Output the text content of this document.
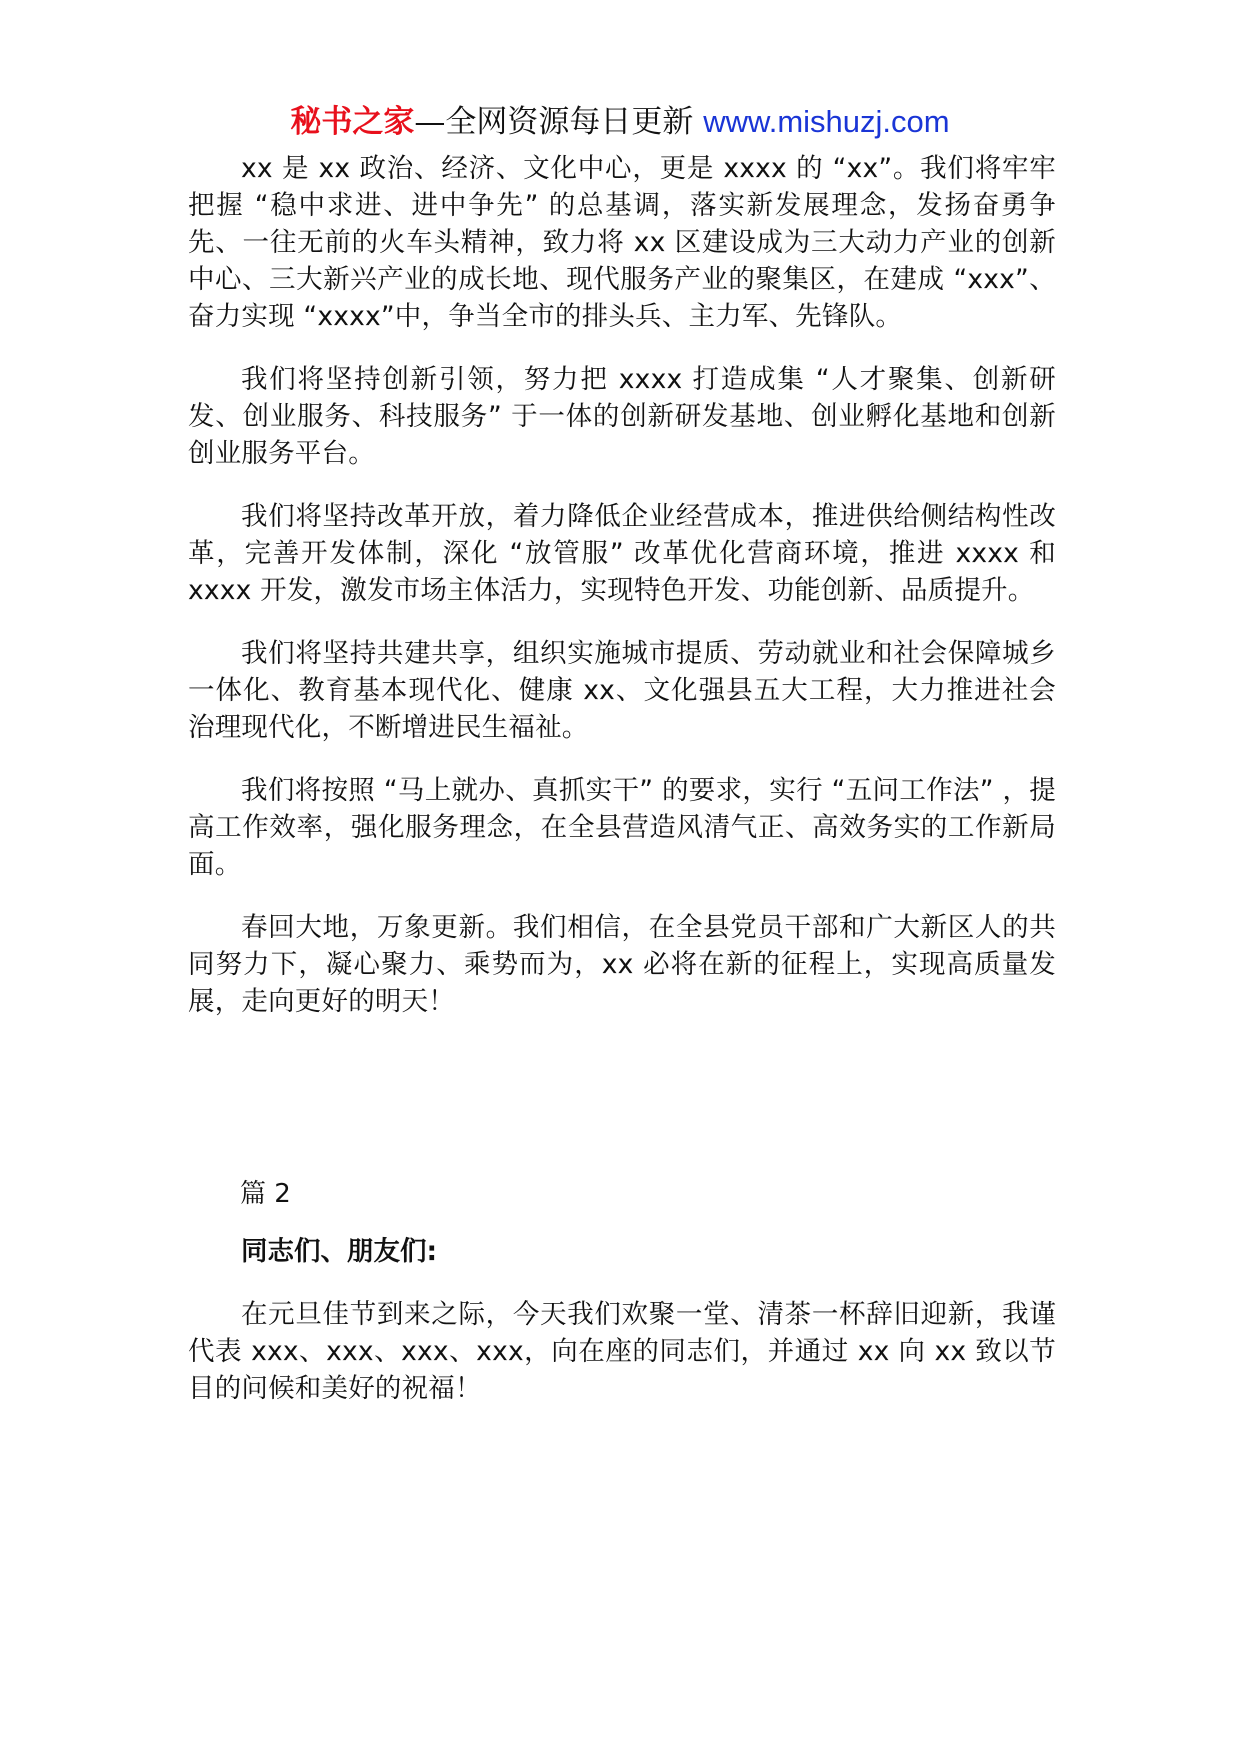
秘书之家—全网资源每日更新 www.mishuzj.com

xx 是 xx 政治、经济、文化中心，更是 xxxx 的 “xx”。我们将牢牢把握 “稳中求进、进中争先” 的总基调，落实新发展理念，发扬奋勇争先、一往无前的火车头精神，致力将 xx 区建设成为三大动力产业的创新中心、三大新兴产业的成长地、现代服务产业的聚集区，在建成 “xxx”、奋力实现 “xxxx”中，争当全市的排头兵、主力军、先锋队。

我们将坚持创新引领，努力把 xxxx 打造成集 “人才聚集、创新研发、创业服务、科技服务” 于一体的创新研发基地、创业孵化基地和创新创业服务平台。

我们将坚持改革开放，着力降低企业经营成本，推进供给侧结构性改革，完善开发体制，深化 “放管服” 改革优化营商环境，推进 xxxx 和 xxxx 开发，激发市场主体活力，实现特色开发、功能创新、品质提升。

我们将坚持共建共享，组织实施城市提质、劳动就业和社会保障城乡一体化、教育基本现代化、健康 xx、文化强县五大工程，大力推进社会治理现代化，不断增进民生福祉。

我们将按照 “马上就办、真抓实干” 的要求，实行 “五问工作法” ，提高工作效率，强化服务理念，在全县营造风清气正、高效务实的工作新局面。

春回大地，万象更新。我们相信，在全县党员干部和广大新区人的共同努力下，凝心聚力、乘势而为，xx 必将在新的征程上，实现高质量发展，走向更好的明天！

篇 2

同志们、朋友们:

在元旦佳节到来之际，今天我们欢聚一堂、清茶一杯辞旧迎新，我谨代表 xxx、xxx、xxx、xxx，向在座的同志们，并通过 xx 向 xx 致以节目的问候和美好的祝福！
